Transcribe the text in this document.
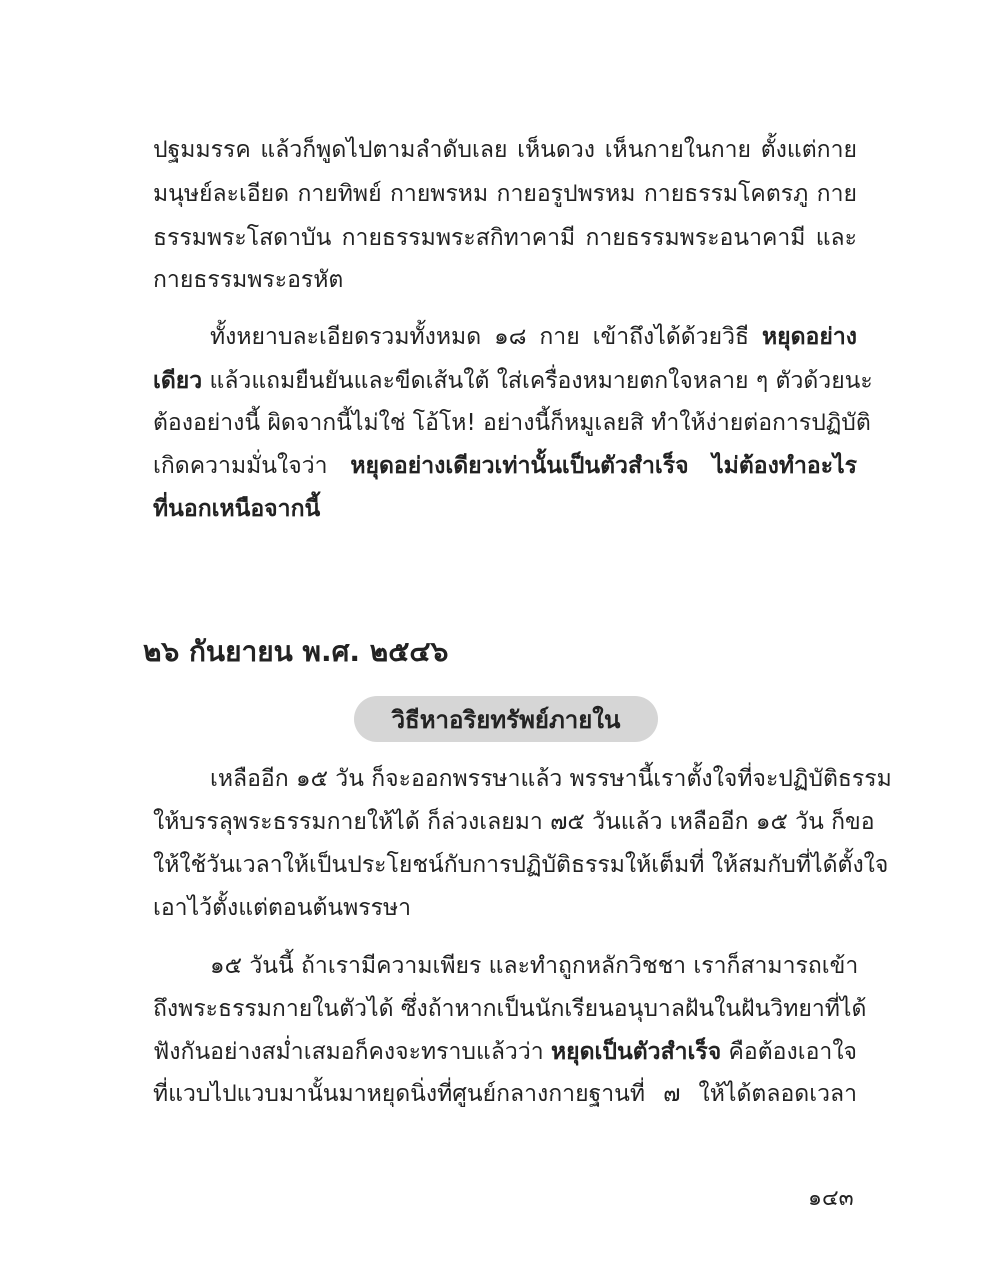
ปฐมมรรค แล้วก็พูดไปตามลำดับเลย เห็นดวง เห็นกายในกาย ตั้งแต่กาย
มนุษย์ละเอียด กายทิพย์ กายพรหม กายอรูปพรหม กายธรรมโคตรภู กาย
ธรรมพระโสดาบัน กายธรรมพระสกิทาคามี กายธรรมพระอนาคามี และ
กายธรรมพระอรหัต
ทั้งหยาบละเอียดรวมทั้งหมด ๑๘ กาย เข้าถึงได้ด้วยวิธี หยุดอย่าง
เดียว แล้วแถมยืนยันและขีดเส้นใต้ ใส่เครื่องหมายตกใจหลาย ๆ ตัวด้วยนะ
ต้องอย่างนี้ ผิดจากนี้ไม่ใช่ โอ้โห! อย่างนี้ก็หมูเลยสิ ทำให้ง่ายต่อการปฏิบัติ
เกิดความมั่นใจว่า หยุดอย่างเดียวเท่านั้นเป็นตัวสำเร็จ ไม่ต้องทำอะไร
ที่นอกเหนือจากนี้
๒๖ กันยายน พ.ศ. ๒๕๔๖
วิธีหาอริยทรัพย์ภายใน
เหลืออีก ๑๕ วัน ก็จะออกพรรษาแล้ว พรรษานี้เราตั้งใจที่จะปฏิบัติธรรม
ให้บรรลุพระธรรมกายให้ได้ ก็ล่วงเลยมา ๗๕ วันแล้ว เหลืออีก ๑๕ วัน ก็ขอ
ให้ใช้วันเวลาให้เป็นประโยชน์กับการปฏิบัติธรรมให้เต็มที่ ให้สมกับที่ได้ตั้งใจ
เอาไว้ตั้งแต่ตอนต้นพรรษา
๑๕ วันนี้ ถ้าเรามีความเพียร และทำถูกหลักวิชชา เราก็สามารถเข้า
ถึงพระธรรมกายในตัวได้ ซึ่งถ้าหากเป็นนักเรียนอนุบาลฝันในฝันวิทยาที่ได้
ฟังกันอย่างสม่ำเสมอก็คงจะทราบแล้วว่า หยุดเป็นตัวสำเร็จ คือต้องเอาใจ
ที่แวบไปแวบมานั้นมาหยุดนิ่งที่ศูนย์กลางกายฐานที่ ๗ ให้ได้ตลอดเวลา
๑๔๓
